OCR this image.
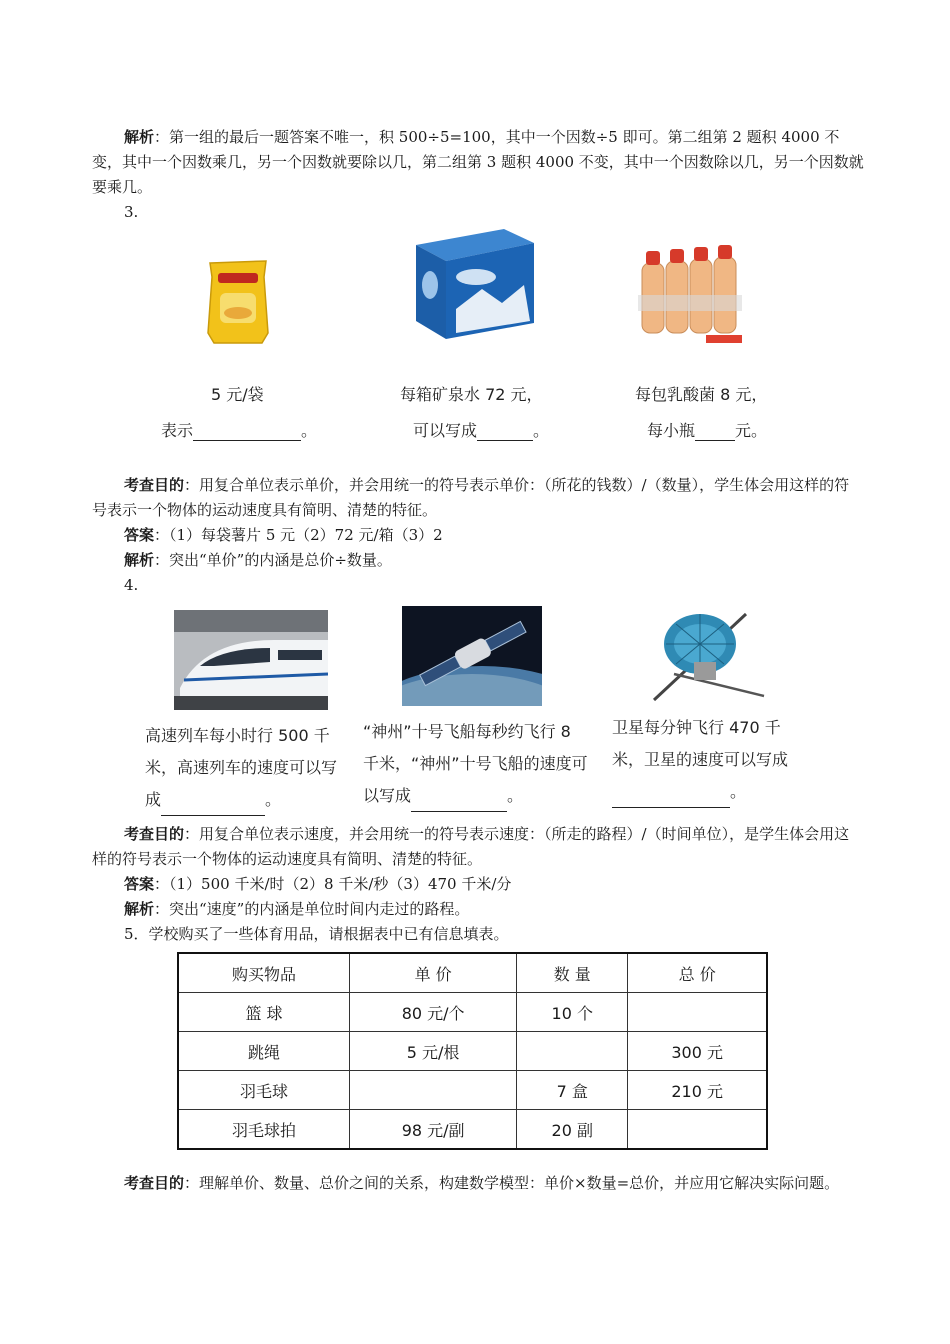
解析：第一组的最后一题答案不唯一，积 500÷5=100，其中一个因数÷5 即可。第二组第 2 题积 4000 不变，其中一个因数乘几，另一个因数就要除以几，第二组第 3 题积 4000 不变，其中一个因数除以几，另一个因数就要乘几。

3.
5 元/袋
表示	。
每箱矿泉水 72 元，
可以写成	。
每包乳酸菌 8 元，
每小瓶	元。

考查目的：用复合单位表示单价，并会用统一的符号表示单价：（所花的钱数）/（数量），学生体会用这样的符号表示一个物体的运动速度具有简明、清楚的特征。

答案：（1）每袋薯片 5 元（2）72 元/箱（3）2

解析：突出“单价”的内涵是总价÷数量。

4.
高速列车每小时行 500 千米，高速列车的速度可以写成	。
“神州”十号飞船每秒约飞行 8 千米，“神州”十号飞船的速度可以写成	。
卫星每分钟飞行 470 千米，卫星的速度可以写成。

考查目的：用复合单位表示速度，并会用统一的符号表示速度：（所走的路程）/（时间单位），是学生体会用这样的符号表示一个物体的运动速度具有简明、清楚的特征。

答案：（1）500 千米/时（2）8 千米/秒（3）470 千米/分

解析：突出“速度”的内涵是单位时间内走过的路程。

5．学校购买了一些体育用品，请根据表中已有信息填表。

购买物品	单 价	数 量	总 价
篮 球	80 元/个	10 个	
跳绳	5 元/根		300 元
羽毛球		7 盒	210 元
羽毛球拍	98 元/副	20 副	

考查目的：理解单价、数量、总价之间的关系，构建数学模型：单价×数量=总价，并应用它解决实际问题。
